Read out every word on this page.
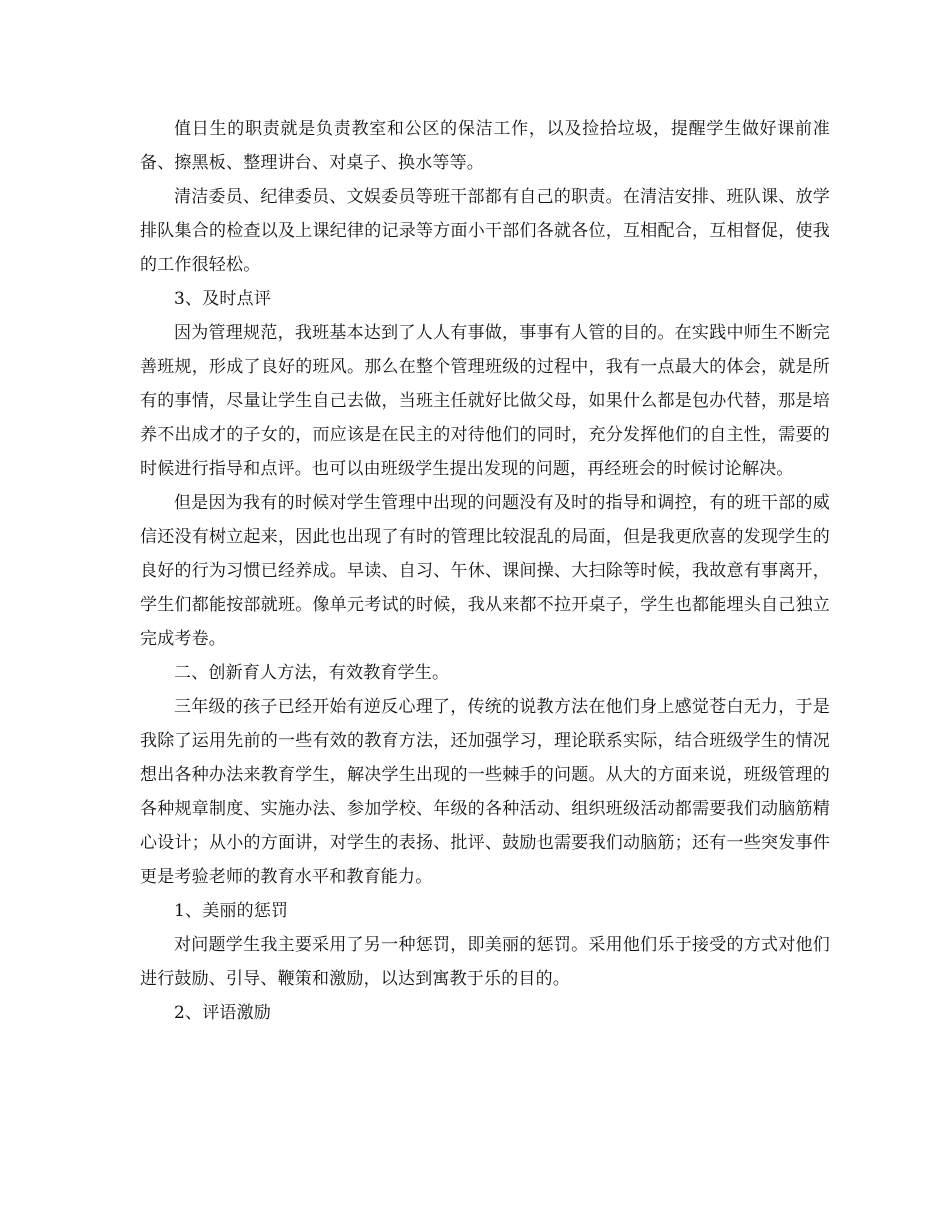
值日生的职责就是负责教室和公区的保洁工作，以及捡拾垃圾，提醒学生做好课前准备、擦黑板、整理讲台、对桌子、换水等等。

清洁委员、纪律委员、文娱委员等班干部都有自己的职责。在清洁安排、班队课、放学排队集合的检查以及上课纪律的记录等方面小干部们各就各位，互相配合，互相督促，使我的工作很轻松。

3、及时点评

因为管理规范，我班基本达到了人人有事做，事事有人管的目的。在实践中师生不断完善班规，形成了良好的班风。那么在整个管理班级的过程中，我有一点最大的体会，就是所有的事情，尽量让学生自己去做，当班主任就好比做父母，如果什么都是包办代替，那是培养不出成才的子女的，而应该是在民主的对待他们的同时，充分发挥他们的自主性，需要的时候进行指导和点评。也可以由班级学生提出发现的问题，再经班会的时候讨论解决。

但是因为我有的时候对学生管理中出现的问题没有及时的指导和调控，有的班干部的威信还没有树立起来，因此也出现了有时的管理比较混乱的局面，但是我更欣喜的发现学生的良好的行为习惯已经养成。早读、自习、午休、课间操、大扫除等时候，我故意有事离开，学生们都能按部就班。像单元考试的时候，我从来都不拉开桌子，学生也都能埋头自己独立完成考卷。

二、创新育人方法，有效教育学生。

三年级的孩子已经开始有逆反心理了，传统的说教方法在他们身上感觉苍白无力，于是我除了运用先前的一些有效的教育方法，还加强学习，理论联系实际，结合班级学生的情况想出各种办法来教育学生，解决学生出现的一些棘手的问题。从大的方面来说，班级管理的各种规章制度、实施办法、参加学校、年级的各种活动、组织班级活动都需要我们动脑筋精心设计；从小的方面讲，对学生的表扬、批评、鼓励也需要我们动脑筋；还有一些突发事件更是考验老师的教育水平和教育能力。

1、美丽的惩罚

对问题学生我主要采用了另一种惩罚，即美丽的惩罚。采用他们乐于接受的方式对他们进行鼓励、引导、鞭策和激励，以达到寓教于乐的目的。

2、评语激励
